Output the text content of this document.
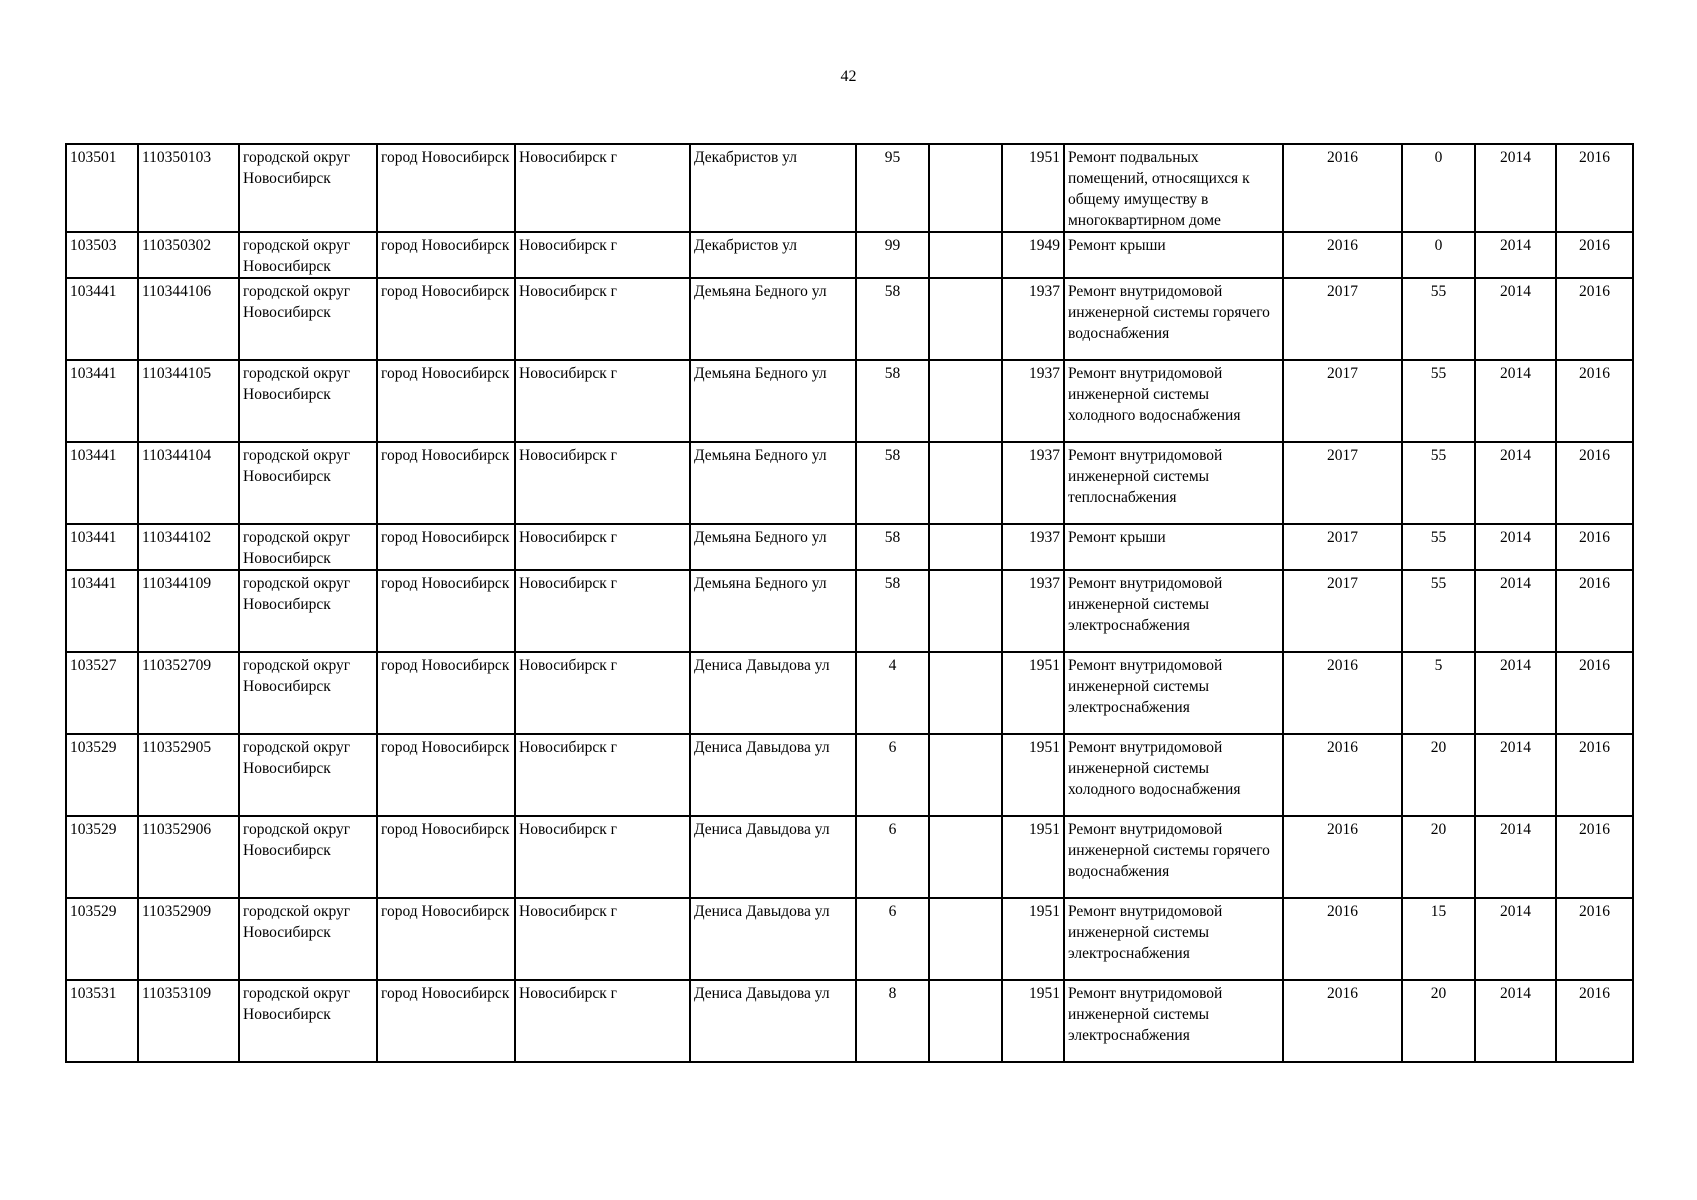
42
103501	110350103	городской округ Новосибирск	город Новосибирск	Новосибирск г	Декабристов ул	95		1951	Ремонт подвальных помещений, относящихся к общему имуществу в многоквартирном доме	2016	0	2014	2016
103503	110350302	городской округ Новосибирск	город Новосибирск	Новосибирск г	Декабристов ул	99		1949	Ремонт крыши	2016	0	2014	2016
103441	110344106	городской округ Новосибирск	город Новосибирск	Новосибирск г	Демьяна Бедного ул	58		1937	Ремонт внутридомовой инженерной системы горячего водоснабжения	2017	55	2014	2016
103441	110344105	городской округ Новосибирск	город Новосибирск	Новосибирск г	Демьяна Бедного ул	58		1937	Ремонт внутридомовой инженерной системы холодного водоснабжения	2017	55	2014	2016
103441	110344104	городской округ Новосибирск	город Новосибирск	Новосибирск г	Демьяна Бедного ул	58		1937	Ремонт внутридомовой инженерной системы теплоснабжения	2017	55	2014	2016
103441	110344102	городской округ Новосибирск	город Новосибирск	Новосибирск г	Демьяна Бедного ул	58		1937	Ремонт крыши	2017	55	2014	2016
103441	110344109	городской округ Новосибирск	город Новосибирск	Новосибирск г	Демьяна Бедного ул	58		1937	Ремонт внутридомовой инженерной системы электроснабжения	2017	55	2014	2016
103527	110352709	городской округ Новосибирск	город Новосибирск	Новосибирск г	Дениса Давыдова ул	4		1951	Ремонт внутридомовой инженерной системы электроснабжения	2016	5	2014	2016
103529	110352905	городской округ Новосибирск	город Новосибирск	Новосибирск г	Дениса Давыдова ул	6		1951	Ремонт внутридомовой инженерной системы холодного водоснабжения	2016	20	2014	2016
103529	110352906	городской округ Новосибирск	город Новосибирск	Новосибирск г	Дениса Давыдова ул	6		1951	Ремонт внутридомовой инженерной системы горячего водоснабжения	2016	20	2014	2016
103529	110352909	городской округ Новосибирск	город Новосибирск	Новосибирск г	Дениса Давыдова ул	6		1951	Ремонт внутридомовой инженерной системы электроснабжения	2016	15	2014	2016
103531	110353109	городской округ Новосибирск	город Новосибирск	Новосибирск г	Дениса Давыдова ул	8		1951	Ремонт внутридомовой инженерной системы электроснабжения	2016	20	2014	2016
